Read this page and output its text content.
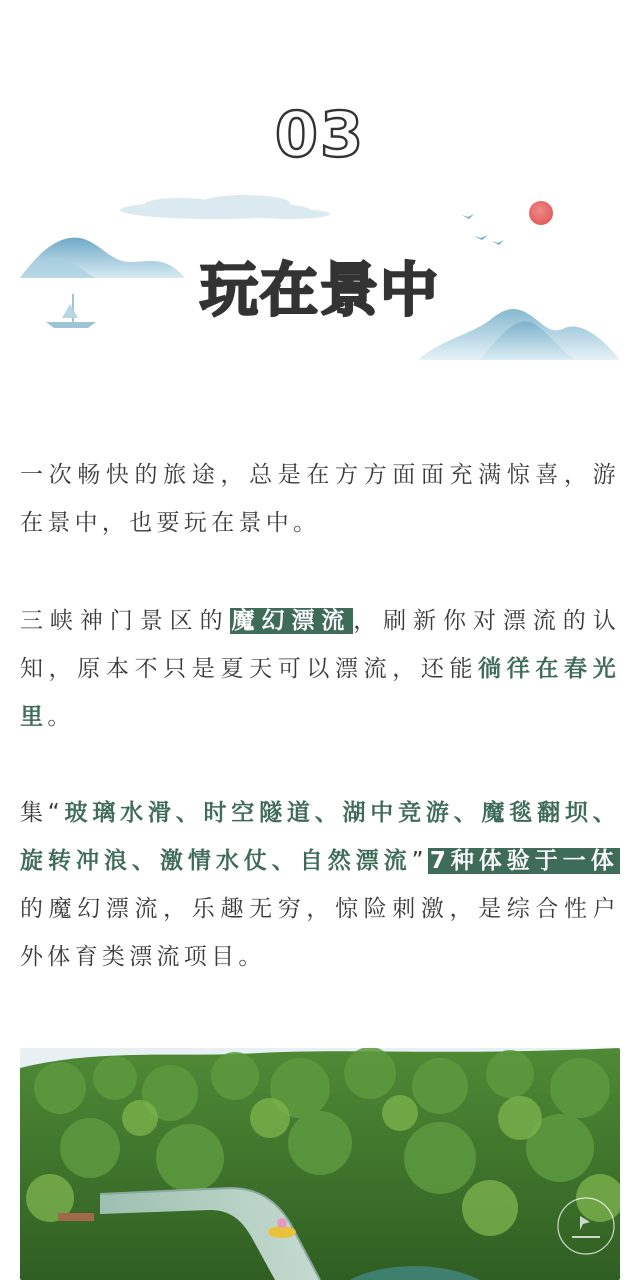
03
玩在景中
一次畅快的旅途，总是在方方面面充满惊喜，游在景中，也要玩在景中。
三峡神门景区的魔幻漂流，刷新你对漂流的认知，原本不只是夏天可以漂流，还能徜徉在春光里。
集“玻璃水滑、时空隧道、湖中竞游、魔毯翻坝、旋转冲浪、激情水仗、自然漂流”7种体验于一体的魔幻漂流，乐趣无穷，惊险刺激，是综合性户外体育类漂流项目。
